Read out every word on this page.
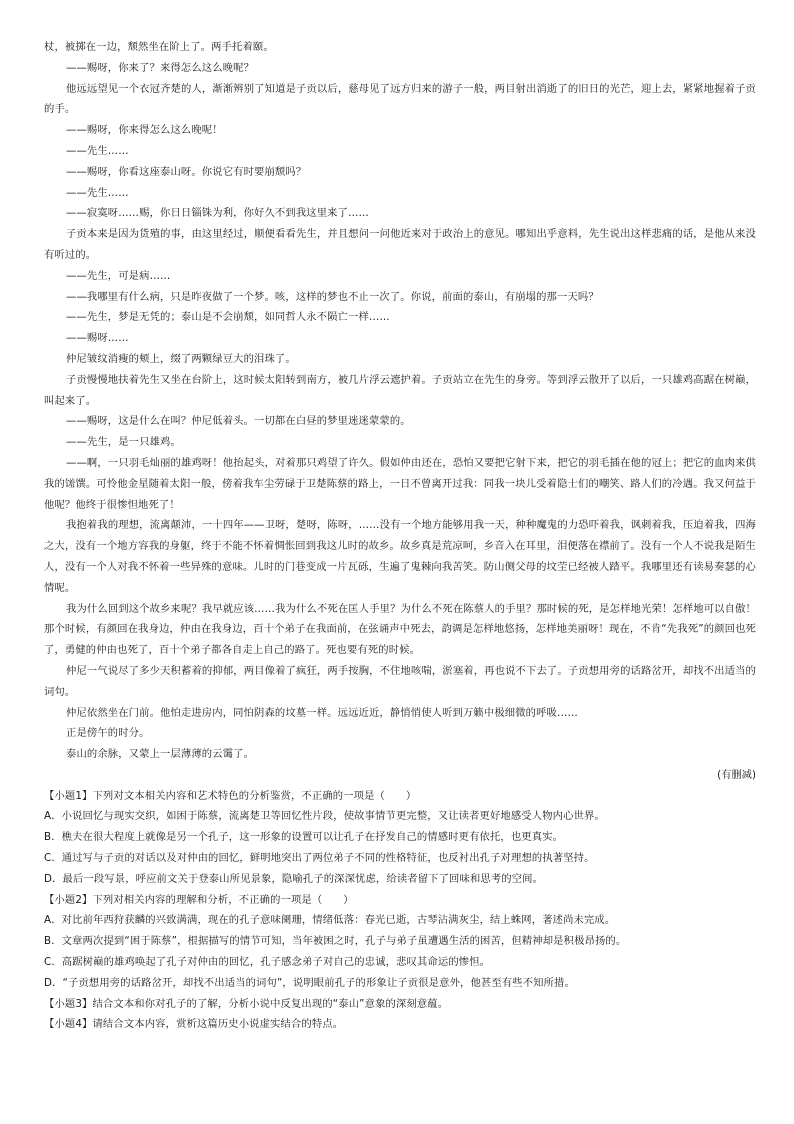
杖，被掷在一边，颓然坐在阶上了。两手托着颐。

——赐呀，你来了？来得怎么这么晚呢？

他远远望见一个衣冠齐楚的人，渐渐辨别了知道是子贡以后，慈母见了远方归来的游子一般，两目射出消逝了的旧日的光芒，迎上去，紧紧地握着子贡的手。

——赐呀，你来得怎么这么晚呢！

——先生……

——赐呀，你看这座泰山呀。你说它有时要崩颓吗？

——先生……

——寂寞呀……赐，你日日锱铢为利，你好久不到我这里来了……

子贡本来是因为货殖的事，由这里经过，顺便看看先生，并且想问一问他近来对于政治上的意见。哪知出乎意料，先生说出这样悲痛的话，是他从来没有听过的。

——先生，可是病……

——我哪里有什么病，只是昨夜做了一个梦。咳，这样的梦也不止一次了。你说，前面的泰山，有崩塌的那一天吗？

——先生，梦是无凭的；泰山是不会崩颓，如同哲人永不陨亡一样……

——赐呀……

仲尼皱纹消瘦的颊上，缀了两颗绿豆大的泪珠了。

子贡慢慢地扶着先生又坐在台阶上，这时候太阳转到南方，被几片浮云遮护着。子贡站立在先生的身旁。等到浮云散开了以后，一只雄鸡高踞在树巅，叫起来了。

——赐呀，这是什么在叫？仲尼低着头。一切都在白昼的梦里迷迷蒙蒙的。

——先生，是一只雄鸡。

——啊，一只羽毛灿丽的雄鸡呀！他抬起头，对着那只鸡望了许久。假如仲由还在，恐怕又要把它射下来，把它的羽毛插在他的冠上；把它的血肉来供我的馐馔。可怜他金星随着太阳一般，傍着我车尘劳碌于卫楚陈蔡的路上，一日不曾离开过我：同我一块儿受着隐士们的嘲笑、路人们的冷遇。我又何益于他呢？他终于很惨怛地死了！

我抱着我的理想，流离颠沛，一十四年——卫呀，楚呀，陈呀，……没有一个地方能够用我一天，种种魔鬼的力恐吓着我，讽刺着我，压迫着我，四海之大，没有一个地方容我的身躯，终于不能不怀着惆怅回到我这儿时的故乡。故乡真是荒凉呵，乡音入在耳里，泪便落在襟前了。没有一个人不说我是陌生人，没有一个人对我不怀着一些异殊的意味。儿时的门巷变成一片瓦砾，生遍了鬼棘向我苦笑。防山侧父母的坟茔已经被人踏平。我哪里还有读易奏瑟的心情呢。

我为什么回到这个故乡来呢？我早就应该……我为什么不死在匡人手里？为什么不死在陈蔡人的手里？那时候的死，是怎样地光荣！怎样地可以自傲！那个时候，有颜回在我身边，仲由在我身边，百十个弟子在我面前，在弦诵声中死去，韵调是怎样地悠扬，怎样地美丽呀！现在，不肯“先我死”的颜回也死了，勇健的仲由也死了，百十个弟子都各自走上自己的路了。死也要有死的时候。

仲尼一气说尽了多少天积蓄着的抑郁，两目像着了疯狂，两手按胸，不住地咳喘，淤塞着，再也说不下去了。子贡想用旁的话路岔开，却找不出适当的词句。

仲尼依然坐在门前。他怕走进房内，同怕阴森的坟墓一样。远远近近，静悄悄使人听到万籁中极细微的呼吸……

正是傍午的时分。

泰山的余脉，又蒙上一层薄薄的云霭了。

(有删减)

【小题1】下列对文本相关内容和艺术特色的分析鉴赏，不正确的一项是（　　）

A．小说回忆与现实交织，如困于陈蔡，流离楚卫等回忆性片段，使故事情节更完整，又让读者更好地感受人物内心世界。

B．樵夫在很大程度上就像是另一个孔子，这一形象的设置可以让孔子在抒发自己的情感时更有依托，也更真实。

C．通过写与子贡的对话以及对仲由的回忆，鲜明地突出了两位弟子不同的性格特征，也反衬出孔子对理想的执著坚持。

D．最后一段写景，呼应前文关于登泰山所见景象，隐喻孔子的深深忧虑，给读者留下了回味和思考的空间。

【小题2】下列对相关内容的理解和分析，不正确的一项是（　　）

A．对比前年西狩获麟的兴致满满，现在的孔子意味阑珊，情绪低落：春光已逝，古琴沾满灰尘，结上蛛网，著述尚未完成。

B．文章两次提到“困于陈蔡”，根据描写的情节可知，当年被困之时，孔子与弟子虽遭遇生活的困苦，但精神却是积极昂扬的。

C．高踞树巅的雄鸡唤起了孔子对仲由的回忆，孔子感念弟子对自己的忠诚，悲叹其命运的惨怛。

D．“子贡想用旁的话路岔开，却找不出适当的词句”，说明眼前孔子的形象让子贡很是意外，他甚至有些不知所措。

【小题3】结合文本和你对孔子的了解，分析小说中反复出现的“泰山”意象的深刻意蕴。

【小题4】请结合文本内容，赏析这篇历史小说虚实结合的特点。
